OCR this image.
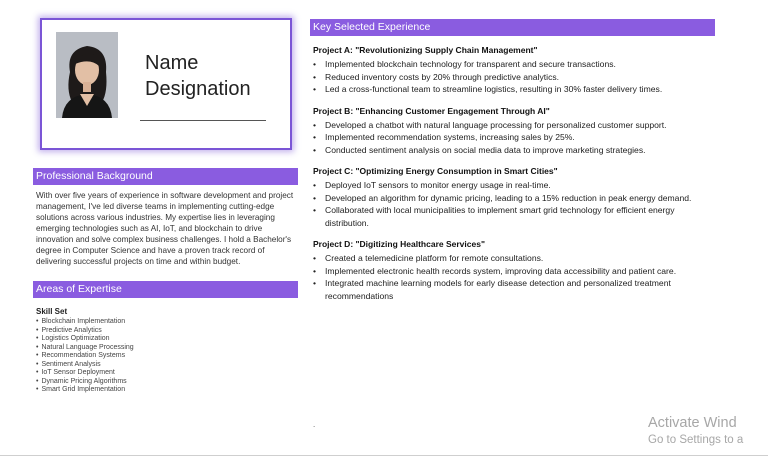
Name
Designation
Professional Background
With over five years of experience in software development and project management, I've led diverse teams in implementing cutting-edge solutions across various industries. My expertise lies in leveraging emerging technologies such as AI, IoT, and blockchain to drive innovation and solve complex business challenges. I hold a Bachelor's degree in Computer Science and have a proven track record of delivering successful projects on time and within budget.
Areas of Expertise
Skill Set
• Blockchain Implementation
• Predictive Analytics
• Logistics Optimization
• Natural Language Processing
• Recommendation Systems
• Sentiment Analysis
• IoT Sensor Deployment
• Dynamic Pricing Algorithms
• Smart Grid Implementation
Key Selected Experience
Project A: "Revolutionizing Supply Chain Management"
• Implemented blockchain technology for transparent and secure transactions.
• Reduced inventory costs by 20% through predictive analytics.
• Led a cross-functional team to streamline logistics, resulting in 30% faster delivery times.
Project B: "Enhancing Customer Engagement Through AI"
• Developed a chatbot with natural language processing for personalized customer support.
• Implemented recommendation systems, increasing sales by 25%.
• Conducted sentiment analysis on social media data to improve marketing strategies.
Project C: "Optimizing Energy Consumption in Smart Cities"
• Deployed IoT sensors to monitor energy usage in real-time.
• Developed an algorithm for dynamic pricing, leading to a 15% reduction in peak energy demand.
• Collaborated with local municipalities to implement smart grid technology for efficient energy distribution.
Project D: "Digitizing Healthcare Services"
• Created a telemedicine platform for remote consultations.
• Implemented electronic health records system, improving data accessibility and patient care.
• Integrated machine learning models for early disease detection and personalized treatment recommendations
.	Activate Wind
Go to Settings to a
